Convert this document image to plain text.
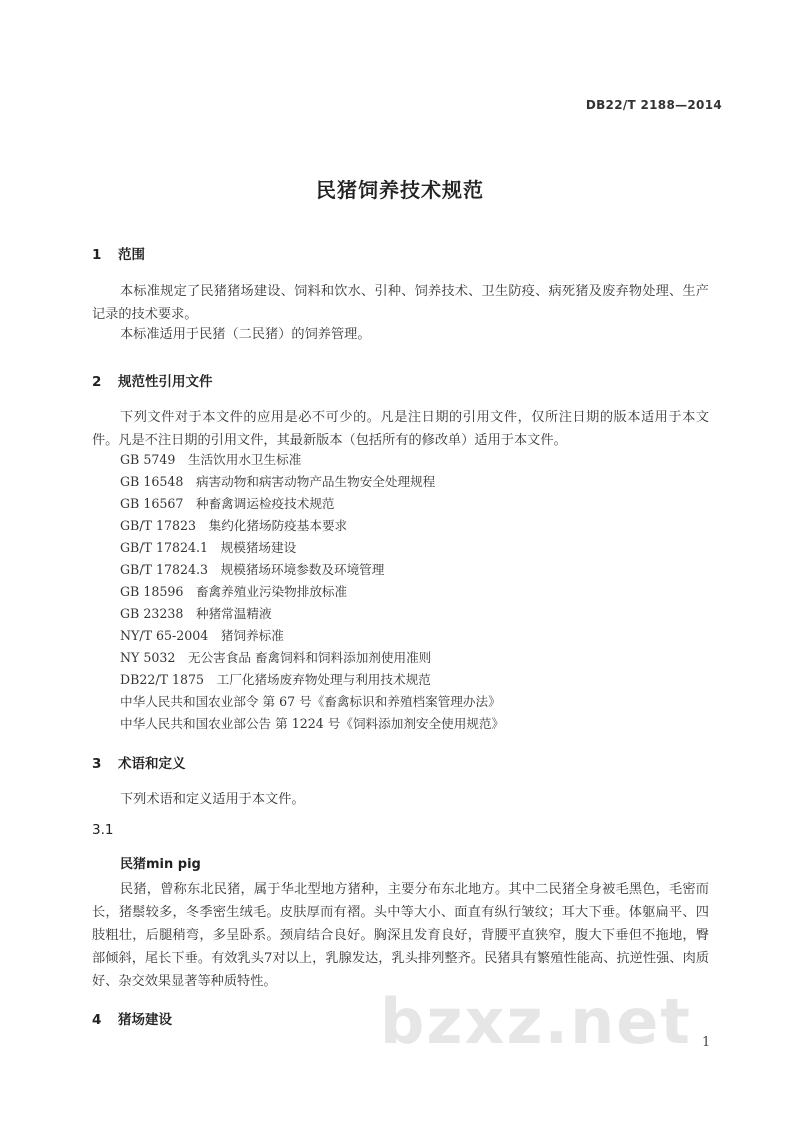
DB22/T 2188—2014
民猪饲养技术规范
1 范围
本标准规定了民猪猪场建设、饲料和饮水、引种、饲养技术、卫生防疫、病死猪及废弃物处理、生产记录的技术要求。
本标准适用于民猪（二民猪）的饲养管理。
2 规范性引用文件
下列文件对于本文件的应用是必不可少的。凡是注日期的引用文件，仅所注日期的版本适用于本文件。凡是不注日期的引用文件，其最新版本（包括所有的修改单）适用于本文件。
GB 5749　生活饮用水卫生标准
GB 16548　病害动物和病害动物产品生物安全处理规程
GB 16567　种畜禽调运检疫技术规范
GB/T 17823　集约化猪场防疫基本要求
GB/T 17824.1　规模猪场建设
GB/T 17824.3　规模猪场环境参数及环境管理
GB 18596　畜禽养殖业污染物排放标准
GB 23238　种猪常温精液
NY/T 65-2004　猪饲养标准
NY 5032　无公害食品 畜禽饲料和饲料添加剂使用准则
DB22/T 1875　工厂化猪场废弃物处理与利用技术规范
中华人民共和国农业部令 第 67 号《畜禽标识和养殖档案管理办法》
中华人民共和国农业部公告 第 1224 号《饲料添加剂安全使用规范》
3 术语和定义
下列术语和定义适用于本文件。
3.1
民猪min pig
民猪，曾称东北民猪，属于华北型地方猪种，主要分布东北地方。其中二民猪全身被毛黑色，毛密而长，猪鬃较多，冬季密生绒毛。皮肤厚而有褶。头中等大小、面直有纵行皱纹；耳大下垂。体躯扁平、四肢粗壮，后腿稍弯，多呈卧系。颈肩结合良好。胸深且发育良好，背腰平直狭窄，腹大下垂但不拖地，臀部倾斜，尾长下垂。有效乳头7对以上，乳腺发达，乳头排列整齐。民猪具有繁殖性能高、抗逆性强、肉质好、杂交效果显著等种质特性。
4 猪场建设	bzxz.net 1
